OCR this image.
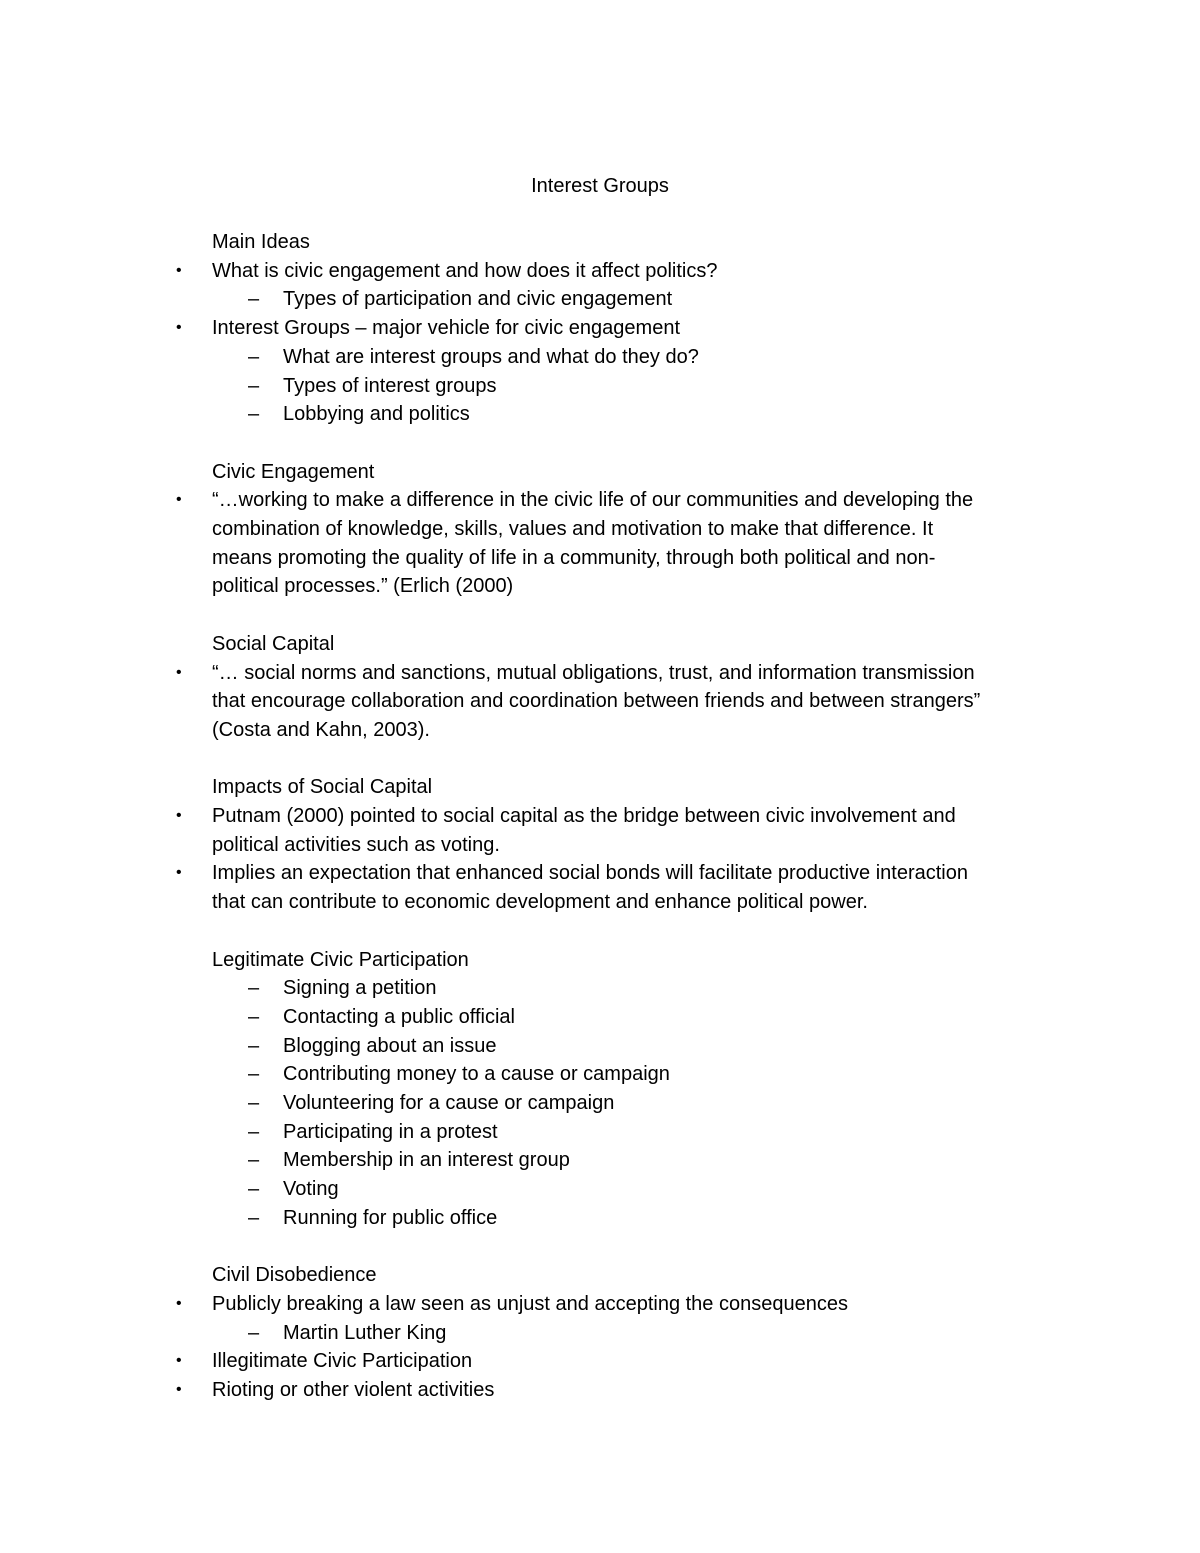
Interest Groups
Main Ideas
• What is civic engagement and how does it affect politics?
– Types of participation and civic engagement
• Interest Groups – major vehicle for civic engagement
– What are interest groups and what do they do?
– Types of interest groups
– Lobbying and politics
Civic Engagement
• “…working to make a difference in the civic life of our communities and developing the
combination of knowledge, skills, values and motivation to make that difference. It
means promoting the quality of life in a community, through both political and non-
political processes.” (Erlich (2000)
Social Capital
• “… social norms and sanctions, mutual obligations, trust, and information transmission
that encourage collaboration and coordination between friends and between strangers”
(Costa and Kahn, 2003).
Impacts of Social Capital
• Putnam (2000) pointed to social capital as the bridge between civic involvement and
political activities such as voting.
• Implies an expectation that enhanced social bonds will facilitate productive interaction
that can contribute to economic development and enhance political power.
Legitimate Civic Participation
– Signing a petition
– Contacting a public official
– Blogging about an issue
– Contributing money to a cause or campaign
– Volunteering for a cause or campaign
– Participating in a protest
– Membership in an interest group
– Voting
– Running for public office
Civil Disobedience
• Publicly breaking a law seen as unjust and accepting the consequences
– Martin Luther King
• Illegitimate Civic Participation
• Rioting or other violent activities
